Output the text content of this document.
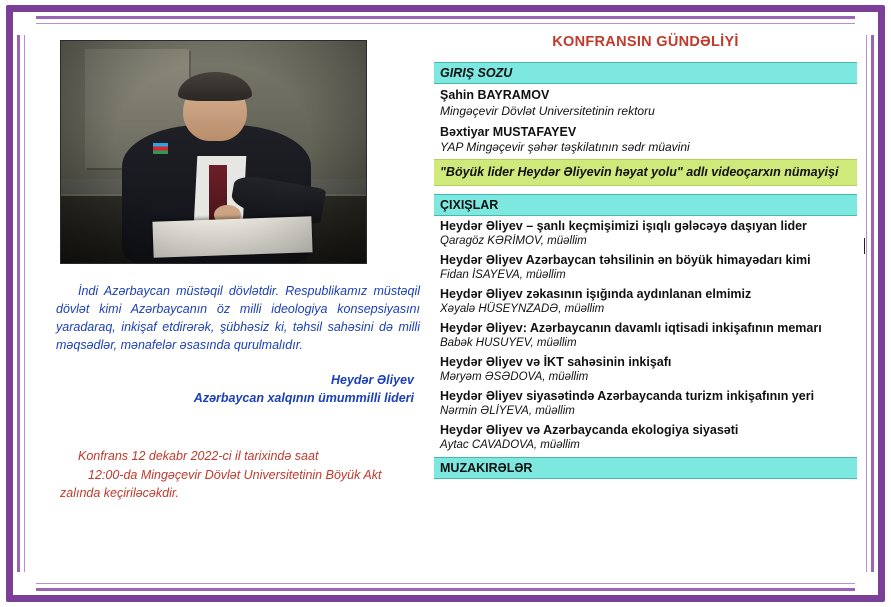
İndi Azərbaycan müstəqil dövlətdir. Respublikamız müstəqil dövlət kimi Azərbaycanın öz milli ideologiya konsepsiyasını yaradaraq, inkişaf etdirərək, şübhəsiz ki, təhsil sahəsini də milli məqsədlər, mənafelər əsasında qurulmalıdır.
Heydər Əliyev
Azərbaycan xalqının ümummilli lideri
Konfrans 12 dekabr 2022-ci il tarixində saat
12:00-da Mingəçevir Dövlət Universitetinin Böyük Akt
zalında keçiriləcəkdir.
KONFRANSIN GÜNDƏLİYİ
GIRIŞ SOZU
Şahin BAYRAMOV
Mingəçevir Dövlət Universitetinin rektoru
Bəxtiyar MUSTAFAYEV
YAP Mingəçevir şəhər təşkilatının sədr müavini
"Böyük lider Heydər Əliyevin həyat yolu" adlı videoçarxın nümayişi
ÇIXIŞLAR
Heydər Əliyev – şanlı keçmişimizi işıqlı gələcəyə daşıyan lider
Qaragöz KƏRİMOV, müəllim
Heydər Əliyev Azərbaycan təhsilinin ən böyük himayədarı kimi
Fidan İSAYEVA, müəllim
Heydər Əliyev zəkasının işığında aydınlanan elmimiz
Xəyalə HÜSEYNZADƏ, müəllim
Heydər Əliyev: Azərbaycanın davamlı iqtisadi inkişafının memarı
Babək HUSUYEV, müəllim
Heydər Əliyev və İKT sahəsinin inkişafı
Məryəm ƏSƏDOVA, müəllim
Heydər Əliyev siyasətində Azərbaycanda turizm inkişafının yeri
Nərmin ƏLİYEVA, müəllim
Heydər Əliyev və Azərbaycanda ekologiya siyasəti
Aytac CAVADOVA, müəllim
MUZAKIRƏLƏR
